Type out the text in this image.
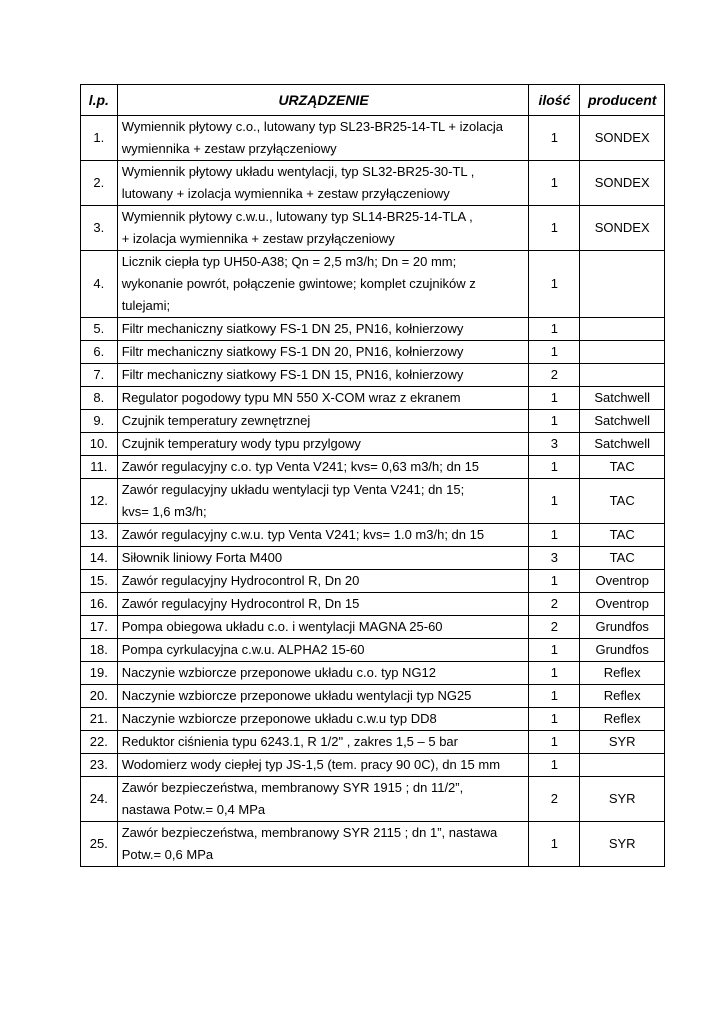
l.p.	URZĄDZENIE	ilość	producent
1.	Wymiennik płytowy c.o., lutowany typ SL23-BR25-14-TL + izolacja
wymiennika + zestaw przyłączeniowy	1	SONDEX
2.	Wymiennik płytowy układu wentylacji, typ SL32-BR25-30-TL ,
lutowany + izolacja wymiennika + zestaw przyłączeniowy	1	SONDEX
3.	Wymiennik płytowy c.w.u., lutowany typ SL14-BR25-14-TLA ,
+ izolacja wymiennika + zestaw przyłączeniowy	1	SONDEX
4.	Licznik ciepła typ UH50-A38; Qn = 2,5 m3/h; Dn = 20 mm;
wykonanie powrót, połączenie gwintowe; komplet czujników z
tulejami;	1	
5.	Filtr mechaniczny siatkowy FS-1 DN 25, PN16, kołnierzowy	1	
6.	Filtr mechaniczny siatkowy FS-1 DN 20, PN16, kołnierzowy	1	
7.	Filtr mechaniczny siatkowy FS-1 DN 15, PN16, kołnierzowy	2	
8.	Regulator pogodowy typu MN 550 X-COM wraz z ekranem	1	Satchwell
9.	Czujnik temperatury zewnętrznej	1	Satchwell
10.	Czujnik temperatury wody typu przylgowy	3	Satchwell
11.	Zawór regulacyjny c.o. typ Venta V241; kvs= 0,63 m3/h; dn 15	1	TAC
12.	Zawór regulacyjny układu wentylacji typ Venta V241; dn 15;
kvs= 1,6 m3/h;	1	TAC
13.	Zawór regulacyjny c.w.u. typ Venta V241; kvs= 1.0 m3/h; dn 15	1	TAC
14.	Siłownik liniowy Forta M400	3	TAC
15.	Zawór regulacyjny Hydrocontrol R, Dn 20	1	Oventrop
16.	Zawór regulacyjny Hydrocontrol R, Dn 15	2	Oventrop
17.	Pompa obiegowa układu c.o. i wentylacji MAGNA 25-60	2	Grundfos
18.	Pompa cyrkulacyjna c.w.u. ALPHA2 15-60	1	Grundfos
19.	Naczynie wzbiorcze przeponowe układu c.o. typ NG12	1	Reflex
20.	Naczynie wzbiorcze przeponowe układu wentylacji typ NG25	1	Reflex
21.	Naczynie wzbiorcze przeponowe układu c.w.u typ DD8	1	Reflex
22.	Reduktor ciśnienia typu 6243.1, R 1/2" , zakres 1,5 – 5 bar	1	SYR
23.	Wodomierz wody ciepłej typ JS-1,5 (tem. pracy 90 0C), dn 15 mm	1	
24.	Zawór bezpieczeństwa, membranowy SYR 1915 ; dn 11/2”,
nastawa Potw.= 0,4 MPa	2	SYR
25.	Zawór bezpieczeństwa, membranowy SYR 2115 ; dn 1”, nastawa
Potw.= 0,6 MPa	1	SYR
